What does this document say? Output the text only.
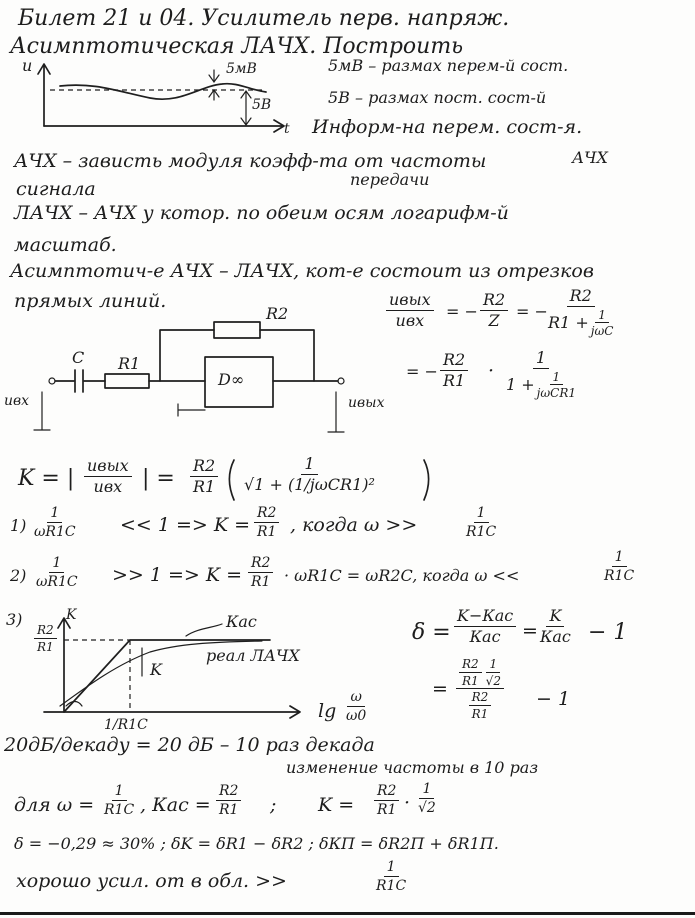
Билет 21 и 04. Усилитель перв. напряж.
Асимптотическая ЛАЧХ. Построить
u	5мВ
5В
t
5мВ – размах перем-й сост.
5В – размах пост. сост-й
Информ-на перем. сост-я.
АЧХ – зависть модуля коэфф-та от частоты	АЧХ
сигнала	передачи
ЛАЧХ – АЧХ у котор. по обеим осям логарифм-й
масштаб.
Асимптотич-е АЧХ – ЛАЧХ, кот-е состоит из отрезков
прямых линий.
C R1
R2
D∞
uвх	uвых
uвых
uвх = − $\frac{R2}{Z}$ = −
R2
$R1 + \frac{1}{\text{jωC}}$
= − $\frac{R2}{R1}$ ·
1
$1 + \frac{1}{\text{jωCR1}}$
K = |
uвых
uвх | = $\frac{R2}{R1}$	1
√1 + (1/jωCR1)²
$1) \frac{1}{\omega R1C} << 1 => K = \frac{R2}{R1}$ , когда ω >>	$\frac{1}{R1C}$
$2) \frac{1}{\omega R1C} >> 1 => K = \frac{R2}{R1} \cdot \omega R1C = \omega R2C$, когда ω <<	$\frac{1}{R1C}$
3)
$\frac{R2}{R1}$
K	Кас
K
реал ЛАЧХ
1/R1C
$\lg \frac{\omega}{\omega 0}$
δ =
K−Кас
Кас =
K
Кас − 1
= $\frac{R2}{R1} \frac{1}{√2}$
R2
R1 − 1
20дБ/декаду = 20 дБ – 10 раз декада
изменение частоты в 10 раз
для $\omega = \frac{1}{R1C}$ , Кас = $\frac{R2}{R1}$ ; $K = \frac{R2}{R1} \cdot \frac{1}{√2}$
δ = −0,29 ≈ 30% ; δK = δR1 − δR2 ; δКП = δR2П + δR1П.
хорошо усил. от в обл. >>	$\frac{1}{R1C}$
